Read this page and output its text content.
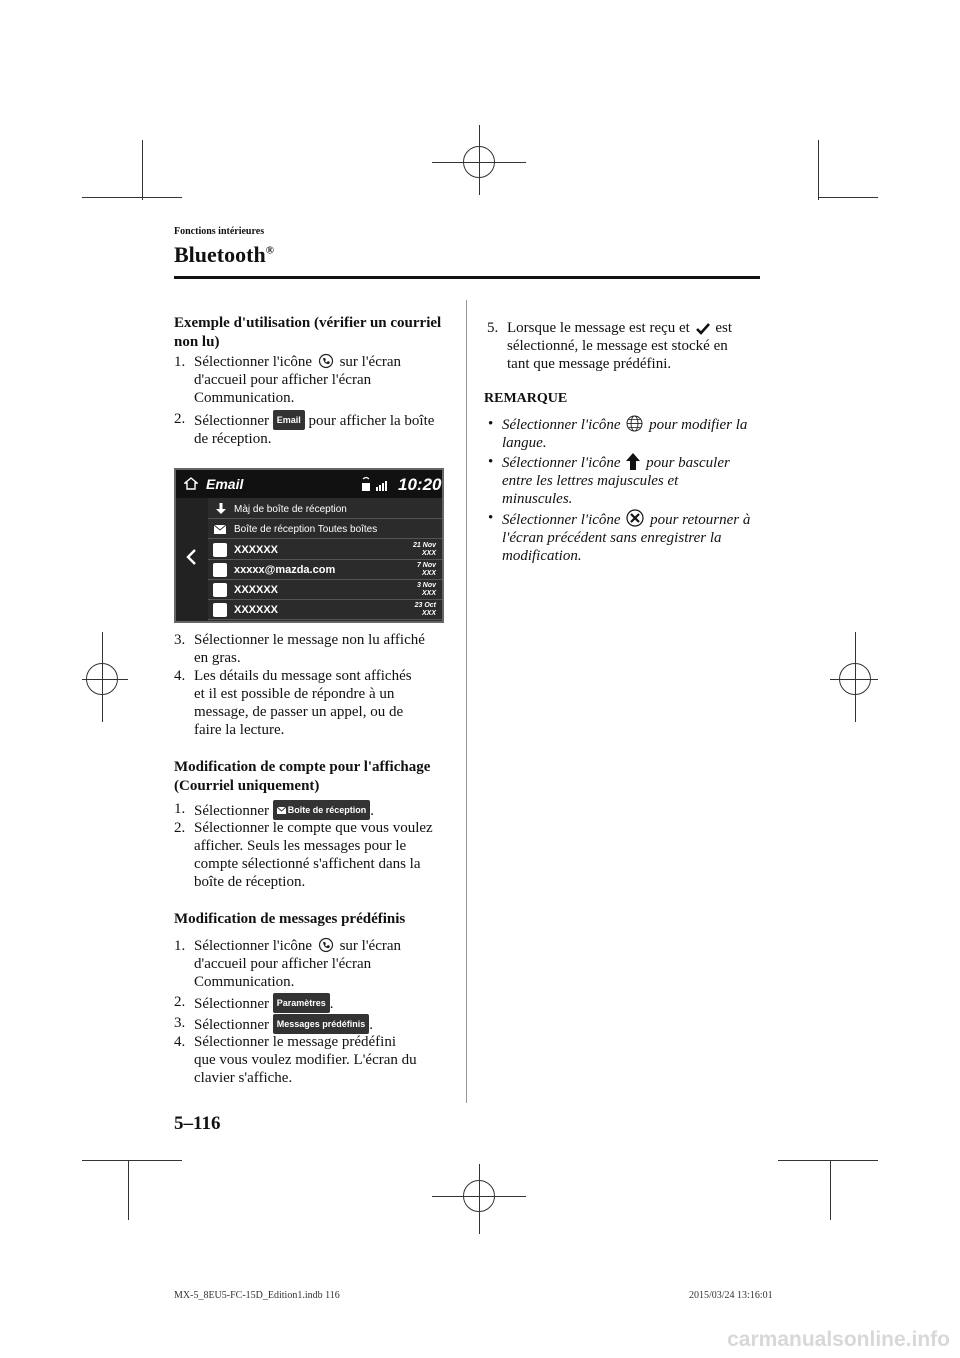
Fonctions intérieures
Bluetooth®
Exemple d'utilisation (vérifier un courriel non lu)
1. Sélectionner l'icône sur l'écran
d'accueil pour afficher l'écran
Communication.
2. Sélectionner Email pour afficher la boîte
de réception.
Email	10:20
Màj de boîte de réception
Boîte de réception Toutes boîtes
XXXXXX	21 Nov
XXX
xxxxx@mazda.com	7 Nov
XXX
XXXXXX	3 Nov
XXX
XXXXXX	23 Oct
XXX
3. Sélectionner le message non lu affiché
en gras.
4. Les détails du message sont affichés
et il est possible de répondre à un
message, de passer un appel, ou de
faire la lecture.
Modification de compte pour l'affichage (Courriel uniquement)
1. Sélectionner Boîte de réception .
2. Sélectionner le compte que vous voulez
afficher. Seuls les messages pour le
compte sélectionné s'affichent dans la
boîte de réception.
Modification de messages prédéfinis
1. Sélectionner l'icône sur l'écran
d'accueil pour afficher l'écran
Communication.
2. Sélectionner Paramètres .
3. Sélectionner Messages prédéfinis .
4. Sélectionner le message prédéfini
que vous voulez modifier. L'écran du
clavier s'affiche.
5. Lorsque le message est reçu et est
sélectionné, le message est stocké en
tant que message prédéfini.
REMARQUE
• Sélectionner l'icône pour modifier la
langue.
• Sélectionner l'icône pour basculer
entre les lettres majuscules et
minuscules.
• Sélectionner l'icône pour retourner à
l'écran précédent sans enregistrer la
modification.
5–116
MX-5_8EU5-FC-15D_Edition1.indb 116	2015/03/24 13:16:01
carmanualsonline.info
